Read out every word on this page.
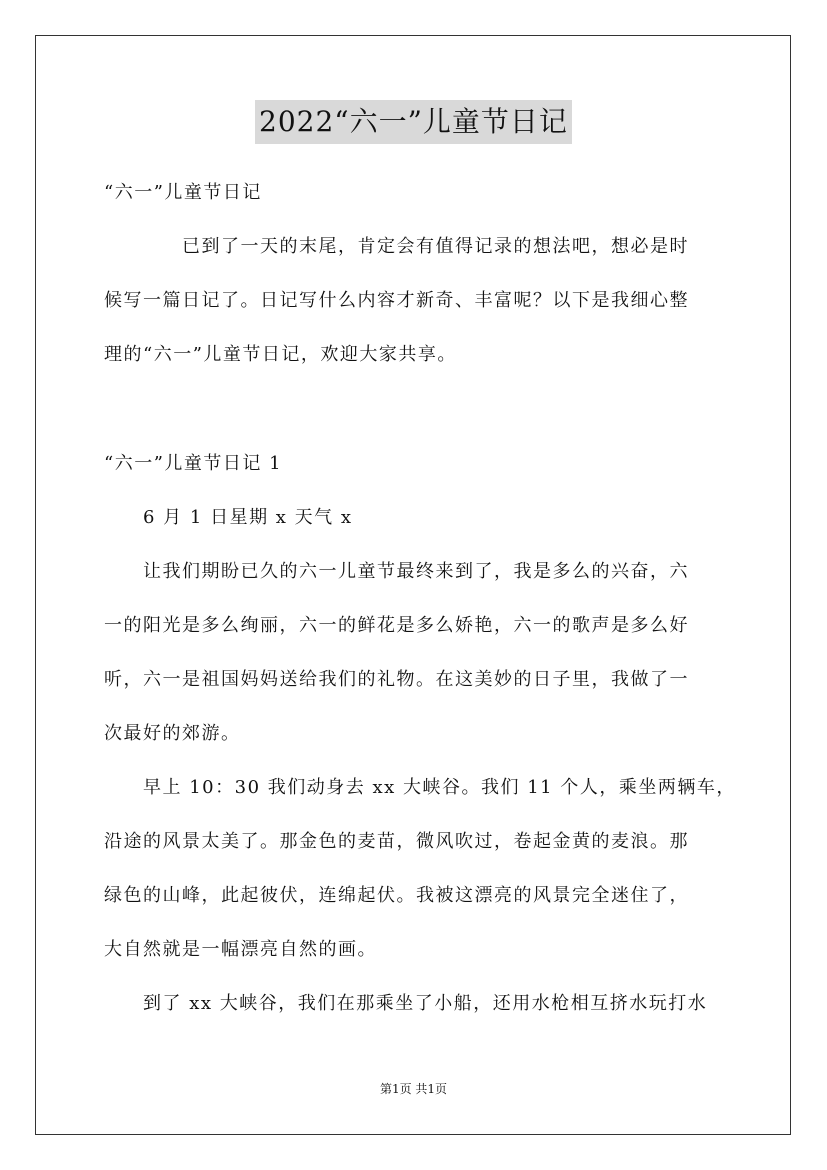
2022“六一”儿童节日记
“六一”儿童节日记
　　　　已到了一天的末尾，肯定会有值得记录的想法吧，想必是时
候写一篇日记了。日记写什么内容才新奇、丰富呢？以下是我细心整
理的“六一”儿童节日记，欢迎大家共享。
“六一”儿童节日记 1
　　6 月 1 日星期 x 天气 x
　　让我们期盼已久的六一儿童节最终来到了，我是多么的兴奋，六
一的阳光是多么绚丽，六一的鲜花是多么娇艳，六一的歌声是多么好
听，六一是祖国妈妈送给我们的礼物。在这美妙的日子里，我做了一
次最好的郊游。
　　早上 10：30 我们动身去 xx 大峡谷。我们 11 个人，乘坐两辆车，
沿途的风景太美了。那金色的麦苗，微风吹过，卷起金黄的麦浪。那
绿色的山峰，此起彼伏，连绵起伏。我被这漂亮的风景完全迷住了，
大自然就是一幅漂亮自然的画。
　　到了 xx 大峡谷，我们在那乘坐了小船，还用水枪相互挤水玩打水
第1页 共1页
